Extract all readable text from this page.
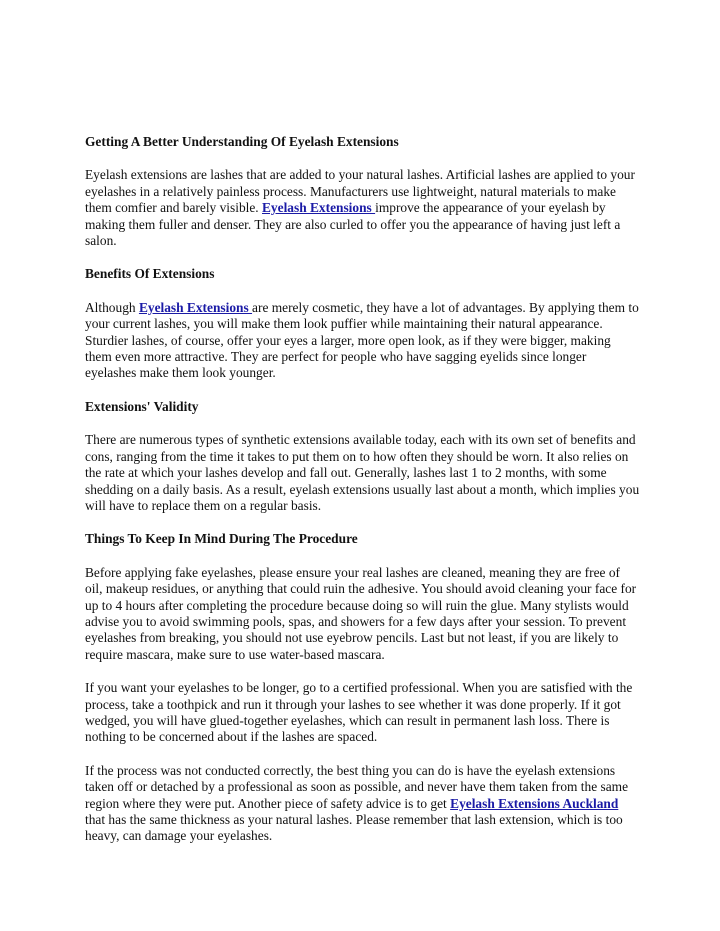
Getting A Better Understanding Of Eyelash Extensions

Eyelash extensions are lashes that are added to your natural lashes. Artificial lashes are applied to your eyelashes in a relatively painless process. Manufacturers use lightweight, natural materials to make them comfier and barely visible. Eyelash Extensions improve the appearance of your eyelash by making them fuller and denser. They are also curled to offer you the appearance of having just left a salon.

Benefits Of Extensions

Although Eyelash Extensions are merely cosmetic, they have a lot of advantages. By applying them to your current lashes, you will make them look puffier while maintaining their natural appearance. Sturdier lashes, of course, offer your eyes a larger, more open look, as if they were bigger, making them even more attractive. They are perfect for people who have sagging eyelids since longer eyelashes make them look younger.

Extensions' Validity

There are numerous types of synthetic extensions available today, each with its own set of benefits and cons, ranging from the time it takes to put them on to how often they should be worn. It also relies on the rate at which your lashes develop and fall out. Generally, lashes last 1 to 2 months, with some shedding on a daily basis. As a result, eyelash extensions usually last about a month, which implies you will have to replace them on a regular basis.

Things To Keep In Mind During The Procedure

Before applying fake eyelashes, please ensure your real lashes are cleaned, meaning they are free of oil, makeup residues, or anything that could ruin the adhesive. You should avoid cleaning your face for up to 4 hours after completing the procedure because doing so will ruin the glue. Many stylists would advise you to avoid swimming pools, spas, and showers for a few days after your session. To prevent eyelashes from breaking, you should not use eyebrow pencils. Last but not least, if you are likely to require mascara, make sure to use water-based mascara.

If you want your eyelashes to be longer, go to a certified professional. When you are satisfied with the process, take a toothpick and run it through your lashes to see whether it was done properly. If it got wedged, you will have glued-together eyelashes, which can result in permanent lash loss. There is nothing to be concerned about if the lashes are spaced.

If the process was not conducted correctly, the best thing you can do is have the eyelash extensions taken off or detached by a professional as soon as possible, and never have them taken from the same region where they were put. Another piece of safety advice is to get Eyelash Extensions Auckland that has the same thickness as your natural lashes. Please remember that lash extension, which is too heavy, can damage your eyelashes.
